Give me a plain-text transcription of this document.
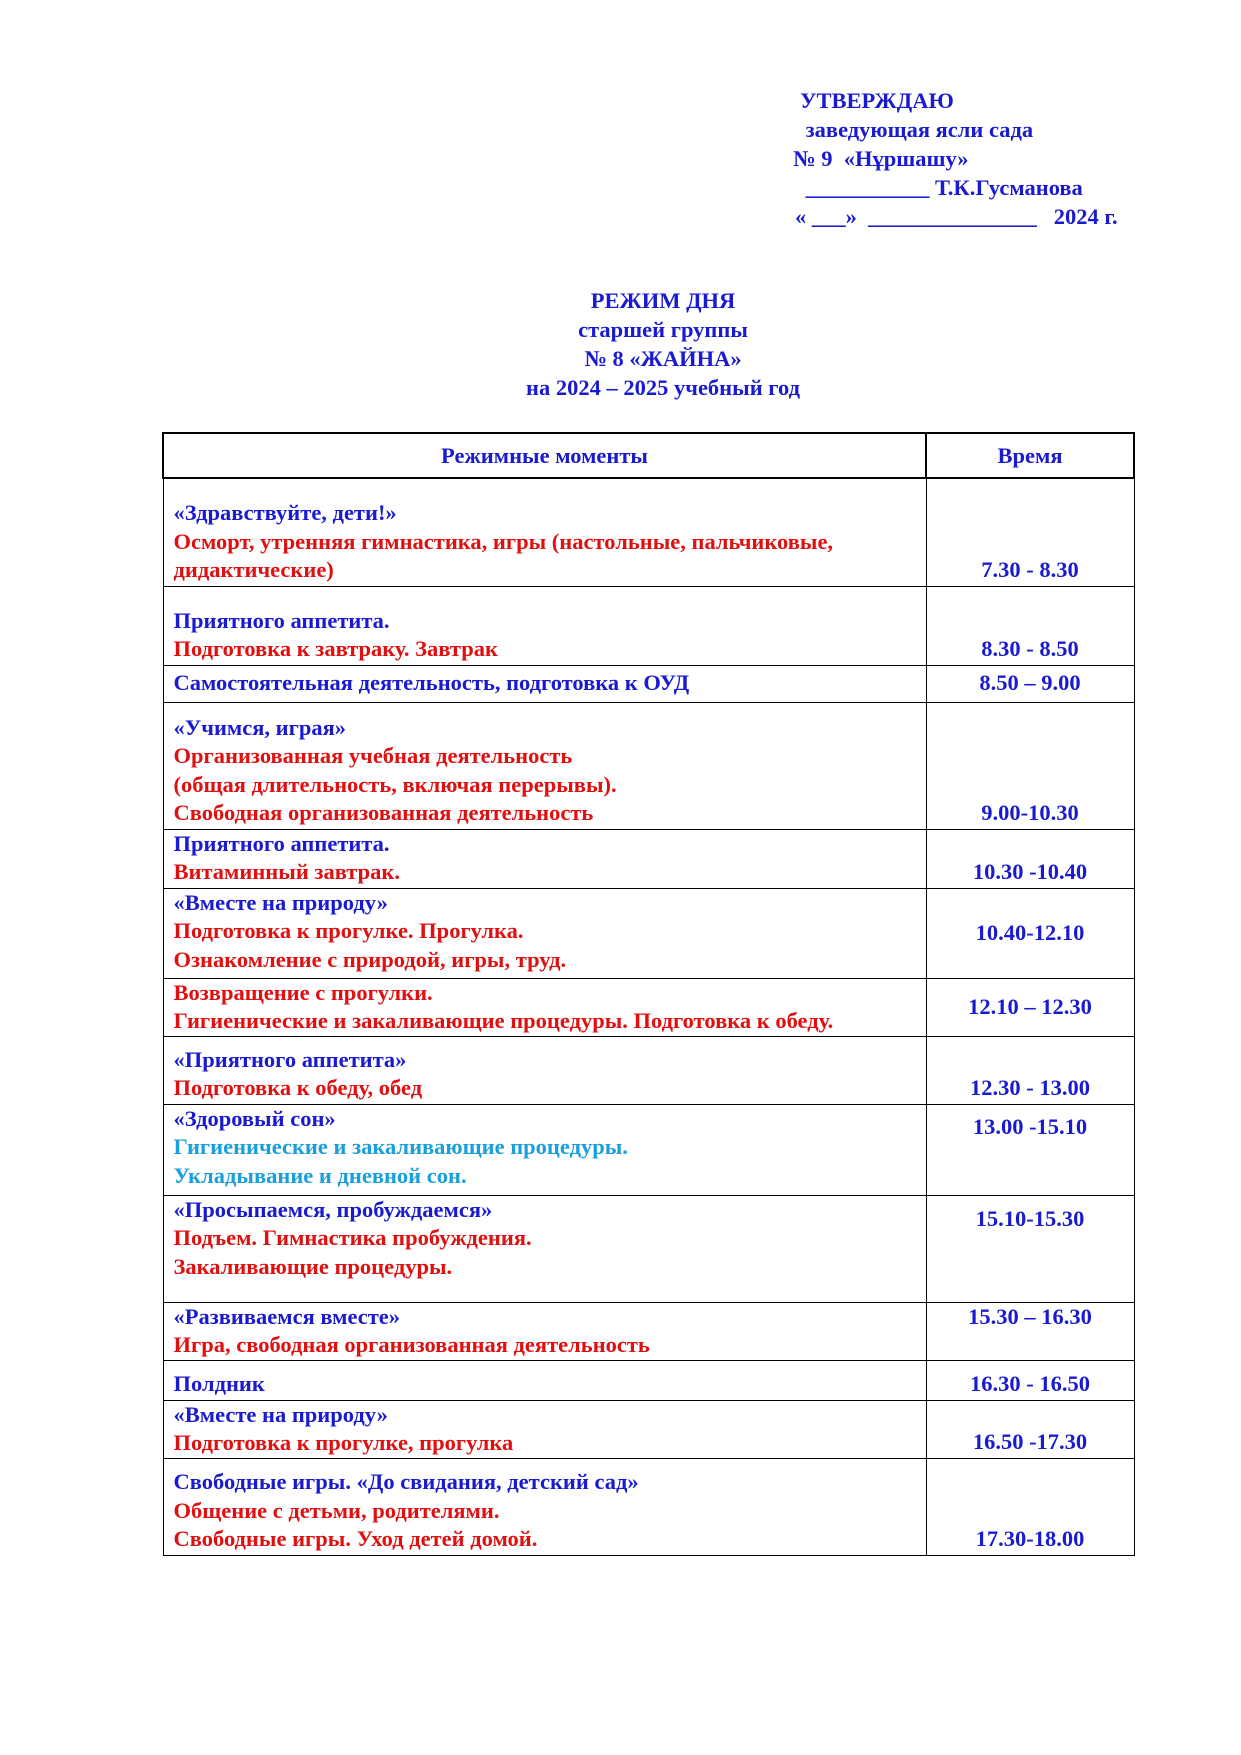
УТВЕРЖДАЮ
заведующая ясли сада
№ 9  «Нұршашу»
___________ Т.К.Гусманова
« ___»  _______________   2024 г.
РЕЖИМ ДНЯ
старшей группы
№ 8 «ЖАЙНА»
на 2024 – 2025 учебный год
Режимные моменты	Время

«Здравствуйте, дети!»
Осморт, утренняя гимнастика, игры (настольные, пальчиковые,
дидактические)	7.30 - 8.30

Приятного аппетита.
Подготовка к завтраку. Завтрак	8.30 - 8.50

Самостоятельная деятельность, подготовка к ОУД	8.50 – 9.00

«Учимся, играя»
Организованная учебная деятельность
(общая длительность, включая перерывы).
Свободная организованная деятельность	9.00-10.30

Приятного аппетита.
Витаминный завтрак.	10.30 -10.40

«Вместе на природу»
Подготовка к прогулке. Прогулка.
Ознакомление с природой, игры, труд.	10.40-12.10

Возвращение с прогулки.
Гигиенические и закаливающие процедуры. Подготовка к обеду.	12.10 – 12.30

«Приятного аппетита»
Подготовка к обеду, обед	12.30 - 13.00

«Здоровый сон»
Гигиенические и закаливающие процедуры.
Укладывание и дневной сон.	13.00 -15.10

«Просыпаемся, пробуждаемся»
Подъем. Гимнастика пробуждения.
Закаливающие процедуры.	15.10-15.30

«Развиваемся вместе»
Игра, свободная организованная деятельность	15.30 – 16.30

Полдник	16.30 - 16.50

«Вместе на природу»
Подготовка к прогулке, прогулка	16.50 -17.30

Свободные игры. «До свидания, детский сад»
Общение с детьми, родителями.
Свободные игры. Уход детей домой.	17.30-18.00
